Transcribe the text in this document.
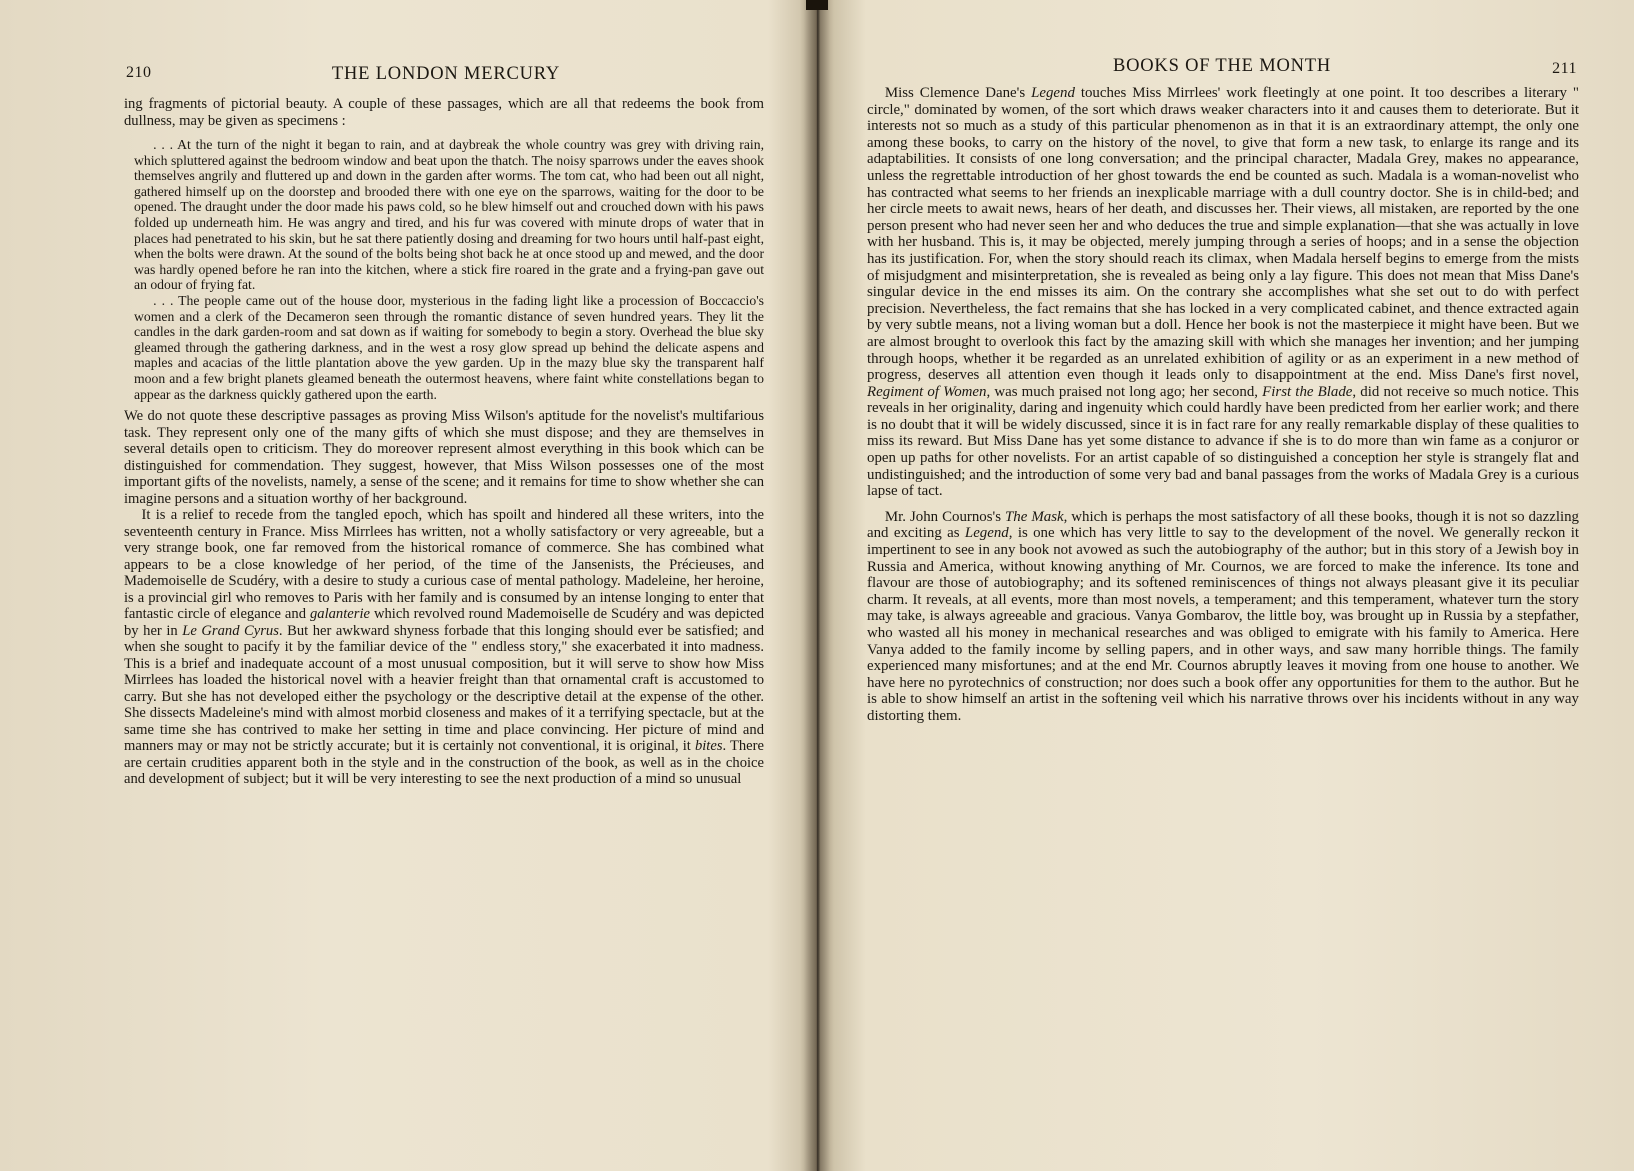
210	THE LONDON MERCURY

ing fragments of pictorial beauty. A couple of these passages, which are all that redeems the book from dullness, may be given as specimens :

. . . At the turn of the night it began to rain, and at daybreak the whole country was grey with driving rain, which spluttered against the bedroom window and beat upon the thatch. The noisy sparrows under the eaves shook themselves angrily and fluttered up and down in the garden after worms. The tom cat, who had been out all night, gathered himself up on the doorstep and brooded there with one eye on the sparrows, waiting for the door to be opened. The draught under the door made his paws cold, so he blew himself out and crouched down with his paws folded up underneath him. He was angry and tired, and his fur was covered with minute drops of water that in places had penetrated to his skin, but he sat there patiently dosing and dreaming for two hours until half-past eight, when the bolts were drawn. At the sound of the bolts being shot back he at once stood up and mewed, and the door was hardly opened before he ran into the kitchen, where a stick fire roared in the grate and a frying-pan gave out an odour of frying fat.

. . . The people came out of the house door, mysterious in the fading light like a procession of Boccaccio's women and a clerk of the Decameron seen through the romantic distance of seven hundred years. They lit the candles in the dark garden-room and sat down as if waiting for somebody to begin a story. Overhead the blue sky gleamed through the gathering darkness, and in the west a rosy glow spread up behind the delicate aspens and maples and acacias of the little plantation above the yew garden. Up in the mazy blue sky the transparent half moon and a few bright planets gleamed beneath the outermost heavens, where faint white constellations began to appear as the darkness quickly gathered upon the earth.

We do not quote these descriptive passages as proving Miss Wilson's aptitude for the novelist's multifarious task. They represent only one of the many gifts of which she must dispose; and they are themselves in several details open to criticism. They do moreover represent almost everything in this book which can be distinguished for commendation. They suggest, however, that Miss Wilson possesses one of the most important gifts of the novelists, namely, a sense of the scene; and it remains for time to show whether she can imagine persons and a situation worthy of her background.

It is a relief to recede from the tangled epoch, which has spoilt and hindered all these writers, into the seventeenth century in France. Miss Mirrlees has written, not a wholly satisfactory or very agreeable, but a very strange book, one far removed from the historical romance of commerce. She has combined what appears to be a close knowledge of her period, of the time of the Jansenists, the Précieuses, and Mademoiselle de Scudéry, with a desire to study a curious case of mental pathology. Madeleine, her heroine, is a provincial girl who removes to Paris with her family and is consumed by an intense longing to enter that fantastic circle of elegance and galanterie which revolved round Mademoiselle de Scudéry and was depicted by her in Le Grand Cyrus. But her awkward shyness forbade that this longing should ever be satisfied; and when she sought to pacify it by the familiar device of the " endless story," she exacerbated it into madness. This is a brief and inadequate account of a most unusual composition, but it will serve to show how Miss Mirrlees has loaded the historical novel with a heavier freight than that ornamental craft is accustomed to carry. But she has not developed either the psychology or the descriptive detail at the expense of the other. She dissects Madeleine's mind with almost morbid closeness and makes of it a terrifying spectacle, but at the same time she has contrived to make her setting in time and place convincing. Her picture of mind and manners may or may not be strictly accurate; but it is certainly not conventional, it is original, it bites. There are certain crudities apparent both in the style and in the construction of the book, as well as in the choice and development of subject; but it will be very interesting to see the next production of a mind so unusual

BOOKS OF THE MONTH	211

Miss Clemence Dane's Legend touches Miss Mirrlees' work fleetingly at one point. It too describes a literary " circle," dominated by women, of the sort which draws weaker characters into it and causes them to deteriorate. But it interests not so much as a study of this particular phenomenon as in that it is an extraordinary attempt, the only one among these books, to carry on the history of the novel, to give that form a new task, to enlarge its range and its adaptabilities. It consists of one long conversation; and the principal character, Madala Grey, makes no appearance, unless the regrettable introduction of her ghost towards the end be counted as such. Madala is a woman-novelist who has contracted what seems to her friends an inexplicable marriage with a dull country doctor. She is in child-bed; and her circle meets to await news, hears of her death, and discusses her. Their views, all mistaken, are reported by the one person present who had never seen her and who deduces the true and simple explanation—that she was actually in love with her husband. This is, it may be objected, merely jumping through a series of hoops; and in a sense the objection has its justification. For, when the story should reach its climax, when Madala herself begins to emerge from the mists of misjudgment and misinterpretation, she is revealed as being only a lay figure. This does not mean that Miss Dane's singular device in the end misses its aim. On the contrary she accomplishes what she set out to do with perfect precision. Nevertheless, the fact remains that she has locked in a very complicated cabinet, and thence extracted again by very subtle means, not a living woman but a doll. Hence her book is not the masterpiece it might have been. But we are almost brought to overlook this fact by the amazing skill with which she manages her invention; and her jumping through hoops, whether it be regarded as an unrelated exhibition of agility or as an experiment in a new method of progress, deserves all attention even though it leads only to disappointment at the end. Miss Dane's first novel, Regiment of Women, was much praised not long ago; her second, First the Blade, did not receive so much notice. This reveals in her originality, daring and ingenuity which could hardly have been predicted from her earlier work; and there is no doubt that it will be widely discussed, since it is in fact rare for any really remarkable display of these qualities to miss its reward. But Miss Dane has yet some distance to advance if she is to do more than win fame as a conjuror or open up paths for other novelists. For an artist capable of so distinguished a conception her style is strangely flat and undistinguished; and the introduction of some very bad and banal passages from the works of Madala Grey is a curious lapse of tact.

Mr. John Cournos's The Mask, which is perhaps the most satisfactory of all these books, though it is not so dazzling and exciting as Legend, is one which has very little to say to the development of the novel. We generally reckon it impertinent to see in any book not avowed as such the autobiography of the author; but in this story of a Jewish boy in Russia and America, without knowing anything of Mr. Cournos, we are forced to make the inference. Its tone and flavour are those of autobiography; and its softened reminiscences of things not always pleasant give it its peculiar charm. It reveals, at all events, more than most novels, a temperament; and this temperament, whatever turn the story may take, is always agreeable and gracious. Vanya Gombarov, the little boy, was brought up in Russia by a stepfather, who wasted all his money in mechanical researches and was obliged to emigrate with his family to America. Here Vanya added to the family income by selling papers, and in other ways, and saw many horrible things. The family experienced many misfortunes; and at the end Mr. Cournos abruptly leaves it moving from one house to another. We have here no pyrotechnics of construction; nor does such a book offer any opportunities for them to the author. But he is able to show himself an artist in the softening veil which his narrative throws over his incidents without in any way distorting them.
